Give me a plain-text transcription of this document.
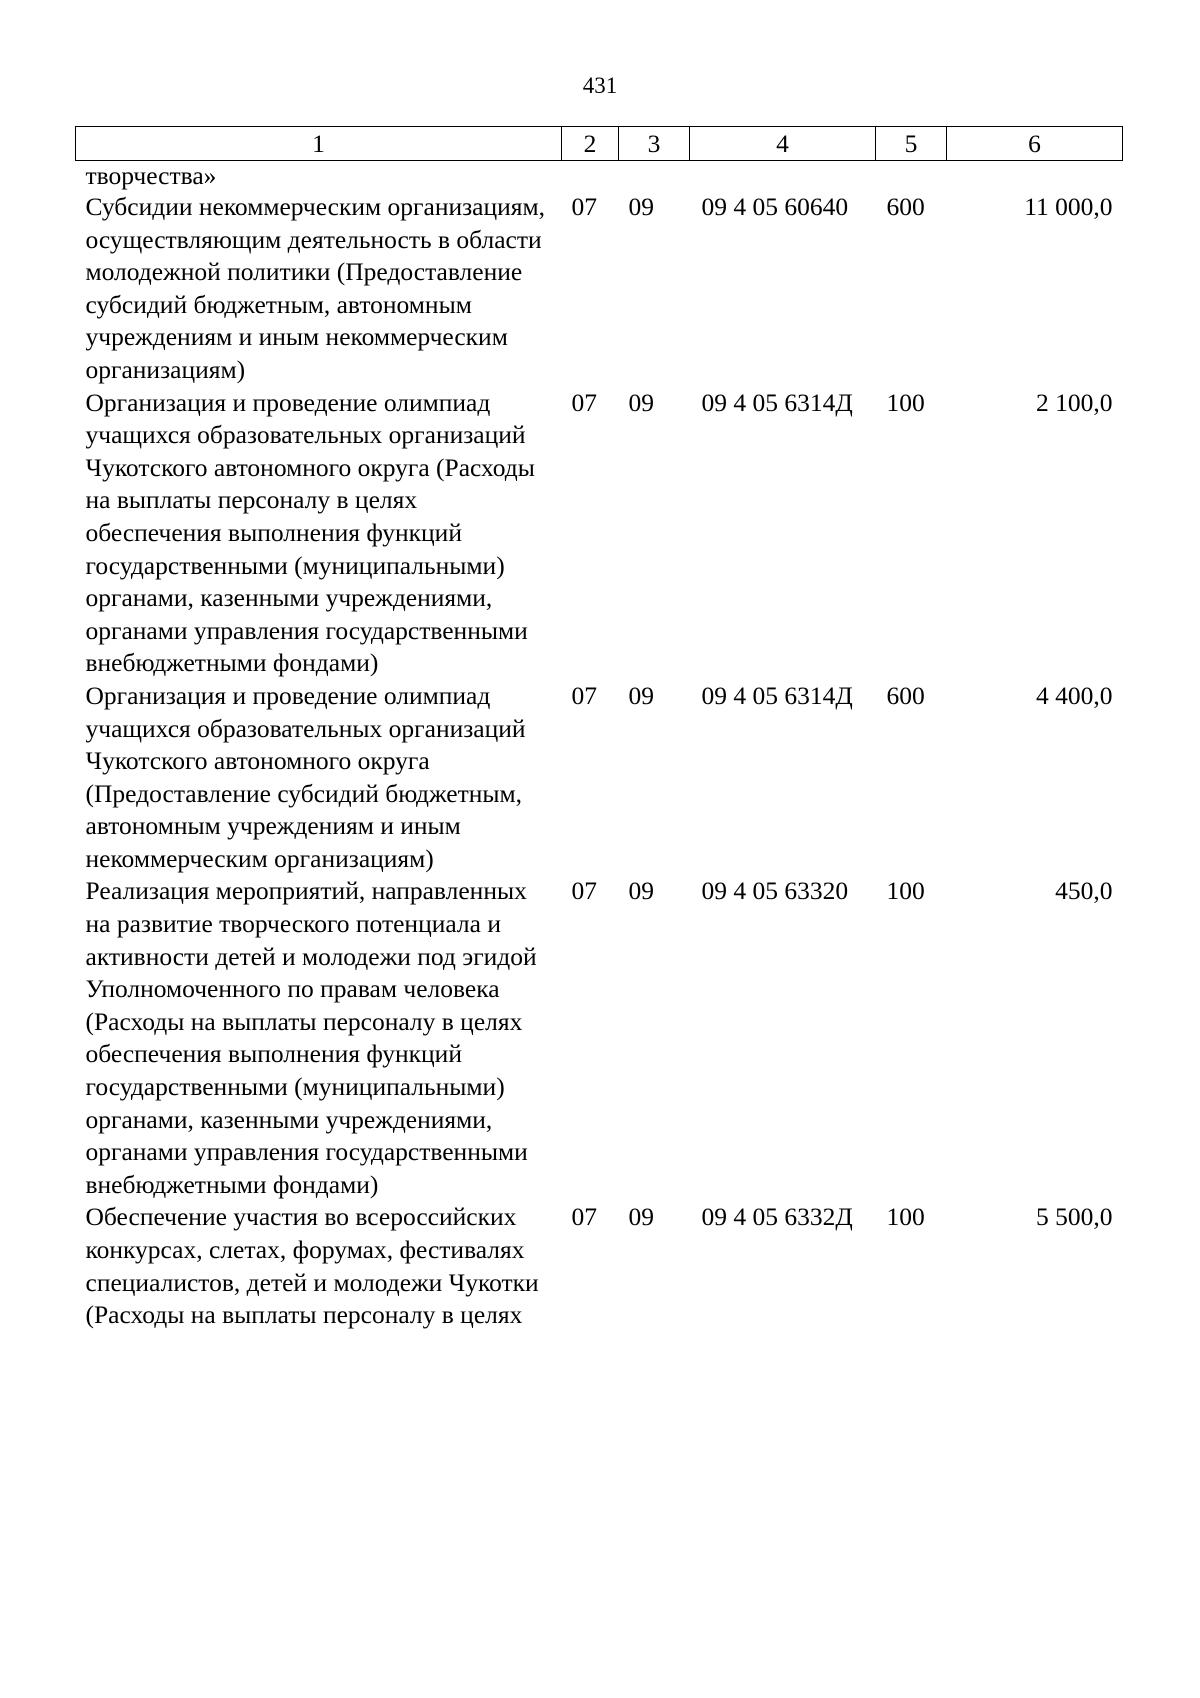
431
1	2	3	4	5	6
творчества»					
Субсидии некоммерческим организациям, осуществляющим деятельность в области молодежной политики (Предоставление субсидий бюджетным, автономным учреждениям и иным некоммерческим организациям)	07	09	09 4 05 60640	600	11 000,0
Организация и проведение олимпиад учащихся образовательных организаций Чукотского автономного округа (Расходы на выплаты персоналу в целях обеспечения выполнения функций государственными (муниципальными) органами, казенными учреждениями, органами управления государственными внебюджетными фондами)	07	09	09 4 05 6314Д	100	2 100,0
Организация и проведение олимпиад учащихся образовательных организаций Чукотского автономного округа (Предоставление субсидий бюджетным, автономным учреждениям и иным некоммерческим организациям)	07	09	09 4 05 6314Д	600	4 400,0
Реализация мероприятий, направленных на развитие творческого потенциала и активности детей и молодежи под эгидой Уполномоченного по правам человека (Расходы на выплаты персоналу в целях обеспечения выполнения функций государственными (муниципальными) органами, казенными учреждениями, органами управления государственными внебюджетными фондами)	07	09	09 4 05 63320	100	450,0
Обеспечение участия во всероссийских конкурсах, слетах, форумах, фестивалях специалистов, детей и молодежи Чукотки (Расходы на выплаты персоналу в целях	07	09	09 4 05 6332Д	100	5 500,0
